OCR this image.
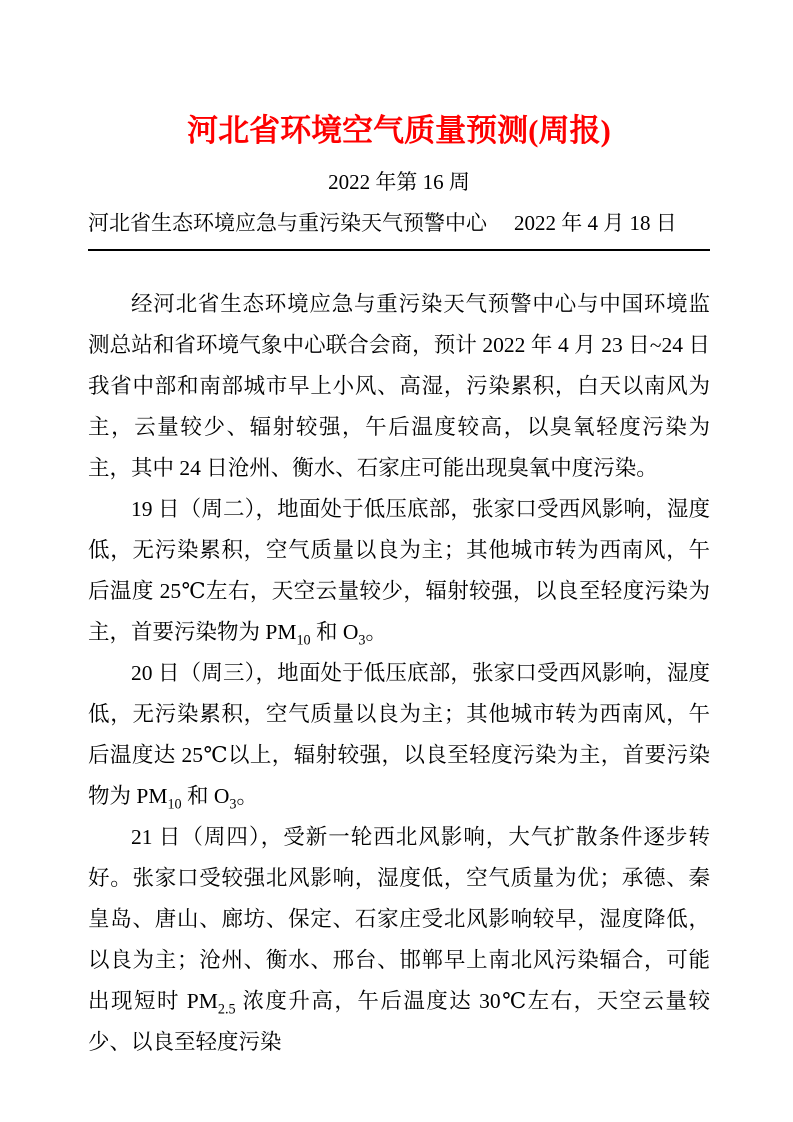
河北省环境空气质量预测(周报)
2022 年第 16 周
河北省生态环境应急与重污染天气预警中心 2022 年 4 月 18 日

经河北省生态环境应急与重污染天气预警中心与中国环境监测总站和省环境气象中心联合会商，预计 2022 年 4 月 23 日~24 日我省中部和南部城市早上小风、高湿，污染累积，白天以南风为主，云量较少、辐射较强，午后温度较高，以臭氧轻度污染为主，其中 24 日沧州、衡水、石家庄可能出现臭氧中度污染。

19 日（周二），地面处于低压底部，张家口受西风影响，湿度低，无污染累积，空气质量以良为主；其他城市转为西南风，午后温度 25℃左右，天空云量较少，辐射较强，以良至轻度污染为主，首要污染物为 $PM_{10}$ 和 $O_3$。

20 日（周三），地面处于低压底部，张家口受西风影响，湿度低，无污染累积，空气质量以良为主；其他城市转为西南风，午后温度达 25℃以上，辐射较强，以良至轻度污染为主，首要污染物为 $PM_{10}$ 和 $O_3$。

21 日（周四），受新一轮西北风影响，大气扩散条件逐步转好。张家口受较强北风影响，湿度低，空气质量为优；承德、秦皇岛、唐山、廊坊、保定、石家庄受北风影响较早，湿度降低，以良为主；沧州、衡水、邢台、邯郸早上南北风污染辐合，可能出现短时 $PM_{2.5}$ 浓度升高，午后温度达 30℃左右，天空云量较少、以良至轻度污染
